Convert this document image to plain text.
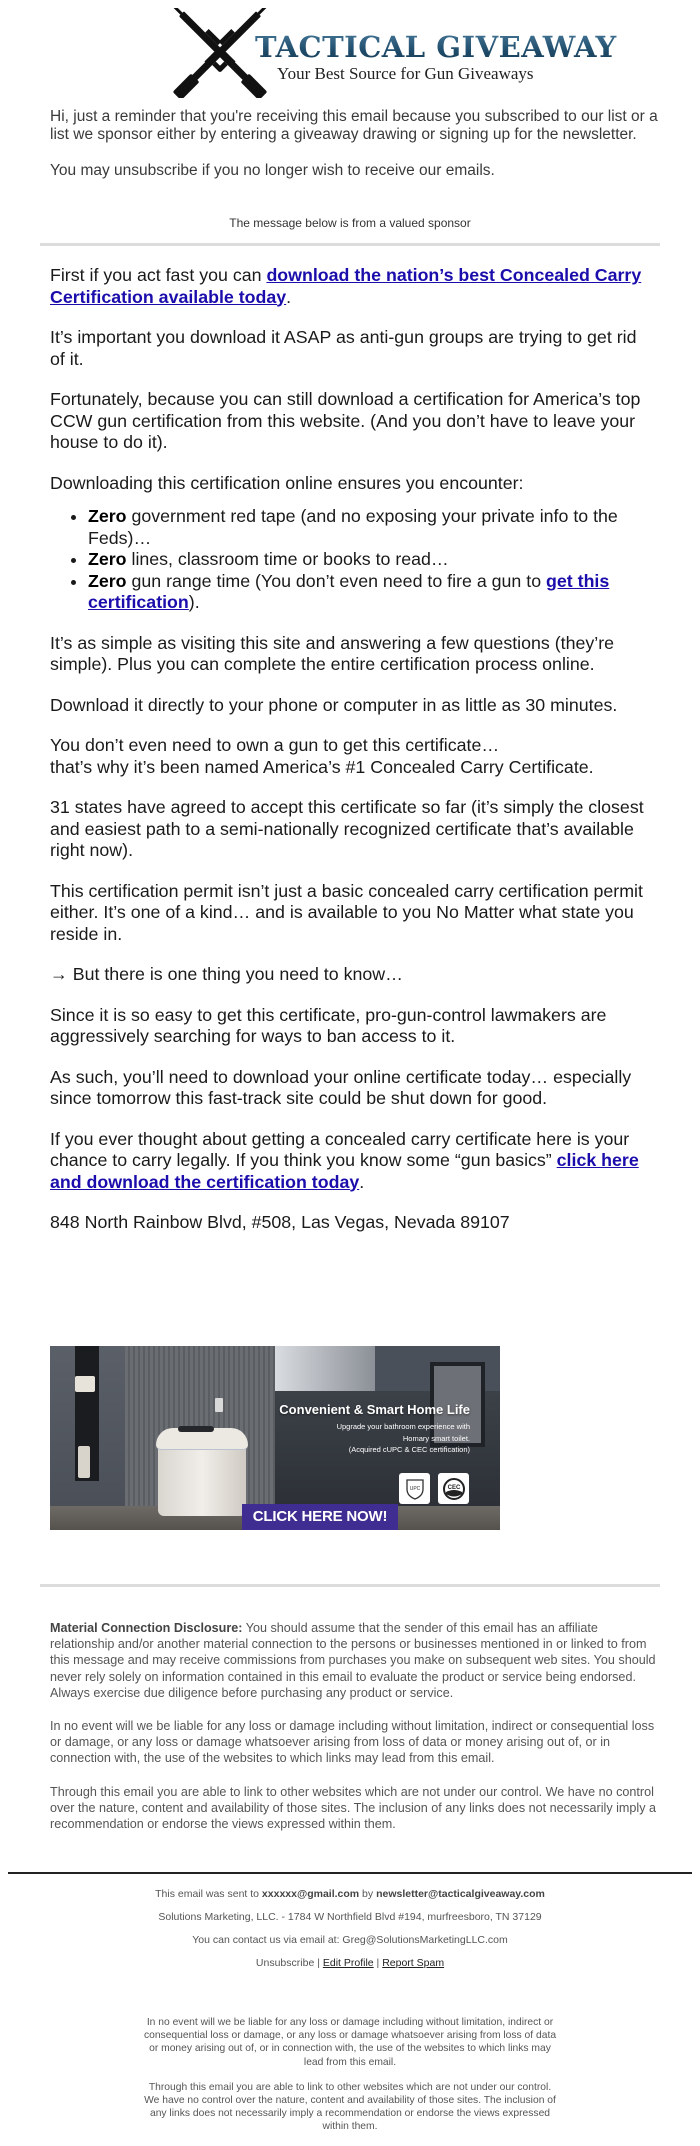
TACTICAL GIVEAWAY
Your Best Source for Gun Giveaways

Hi, just a reminder that you're receiving this email because you subscribed to our list or a list we sponsor either by entering a giveaway drawing or signing up for the newsletter.

You may unsubscribe if you no longer wish to receive our emails.

The message below is from a valued sponsor

First if you act fast you can download the nation’s best Concealed Carry Certification available today.

It’s important you download it ASAP as anti-gun groups are trying to get rid of it.

Fortunately, because you can still download a certification for America’s top CCW gun certification from this website. (And you don’t have to leave your house to do it).

Downloading this certification online ensures you encounter:

• Zero government red tape (and no exposing your private info to the Feds)…
• Zero lines, classroom time or books to read…
• Zero gun range time (You don’t even need to fire a gun to get this certification).

It’s as simple as visiting this site and answering a few questions (they’re simple). Plus you can complete the entire certification process online.

Download it directly to your phone or computer in as little as 30 minutes.

You don’t even need to own a gun to get this certificate…
that’s why it’s been named America’s #1 Concealed Carry Certificate.

31 states have agreed to accept this certificate so far (it’s simply the closest and easiest path to a semi-nationally recognized certificate that’s available right now).

This certification permit isn’t just a basic concealed carry certification permit either. It’s one of a kind… and is available to you No Matter what state you reside in.

→ But there is one thing you need to know…

Since it is so easy to get this certificate, pro-gun-control lawmakers are aggressively searching for ways to ban access to it.

As such, you’ll need to download your online certificate today… especially since tomorrow this fast-track site could be shut down for good.

If you ever thought about getting a concealed carry certificate here is your chance to carry legally. If you think you know some “gun basics” click here and download the certification today.

848 North Rainbow Blvd, #508, Las Vegas, Nevada 89107

Convenient & Smart Home Life
Upgrade your bathroom experience with
Homary smart toilet.
(Acquired cUPC & CEC certification)
UPC	CEC
CLICK HERE NOW!

Material Connection Disclosure: You should assume that the sender of this email has an affiliate relationship and/or another material connection to the persons or businesses mentioned in or linked to from this message and may receive commissions from purchases you make on subsequent web sites. You should never rely solely on information contained in this email to evaluate the product or service being endorsed. Always exercise due diligence before purchasing any product or service.

In no event will we be liable for any loss or damage including without limitation, indirect or consequential loss or damage, or any loss or damage whatsoever arising from loss of data or money arising out of, or in connection with, the use of the websites to which links may lead from this email.

Through this email you are able to link to other websites which are not under our control. We have no control over the nature, content and availability of those sites. The inclusion of any links does not necessarily imply a recommendation or endorse the views expressed within them.

This email was sent to xxxxxx@gmail.com by newsletter@tacticalgiveaway.com
Solutions Marketing, LLC. - 1784 W Northfield Blvd #194, murfreesboro, TN 37129
You can contact us via email at: Greg@SolutionsMarketingLLC.com
Unsubscribe | Edit Profile | Report Spam

In no event will we be liable for any loss or damage including without limitation, indirect or consequential loss or damage, or any loss or damage whatsoever arising from loss of data or money arising out of, or in connection with, the use of the websites to which links may lead from this email.

Through this email you are able to link to other websites which are not under our control. We have no control over the nature, content and availability of those sites. The inclusion of any links does not necessarily imply a recommendation or endorse the views expressed within them.
